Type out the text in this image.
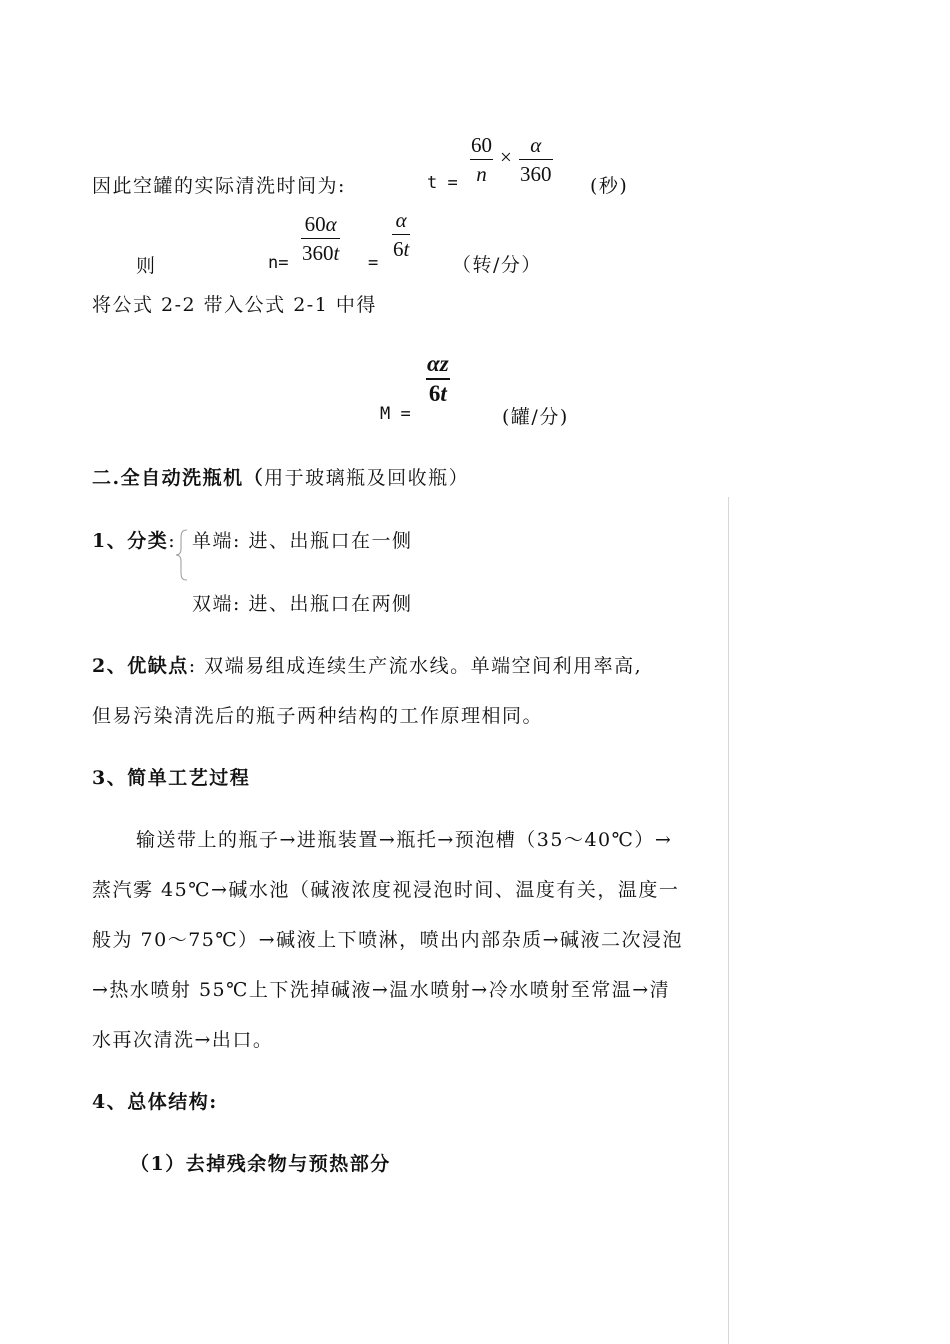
因此空罐的实际清洗时间为:	t =
60
n
× α
360 (秒)
则	n=
60α
360t =
α
6t
（转/分）
将公式 2-2 带入公式 2-1 中得
M =
αz
6t
(罐/分)
二.全自动洗瓶机（用于玻璃瓶及回收瓶）
1、分类: 单端: 进、出瓶口在一侧
双端: 进、出瓶口在两侧
2、优缺点: 双端易组成连续生产流水线。单端空间利用率高,
但易污染清洗后的瓶子两种结构的工作原理相同。
3、简单工艺过程
输送带上的瓶子→进瓶装置→瓶托→预泡槽（35～40℃）→
蒸汽雾 45℃→碱水池（碱液浓度视浸泡时间、温度有关，温度一
般为 70～75℃）→碱液上下喷淋，喷出内部杂质→碱液二次浸泡
→热水喷射 55℃上下洗掉碱液→温水喷射→冷水喷射至常温→清
水再次清洗→出口。
4、总体结构:
（1）去掉残余物与预热部分
